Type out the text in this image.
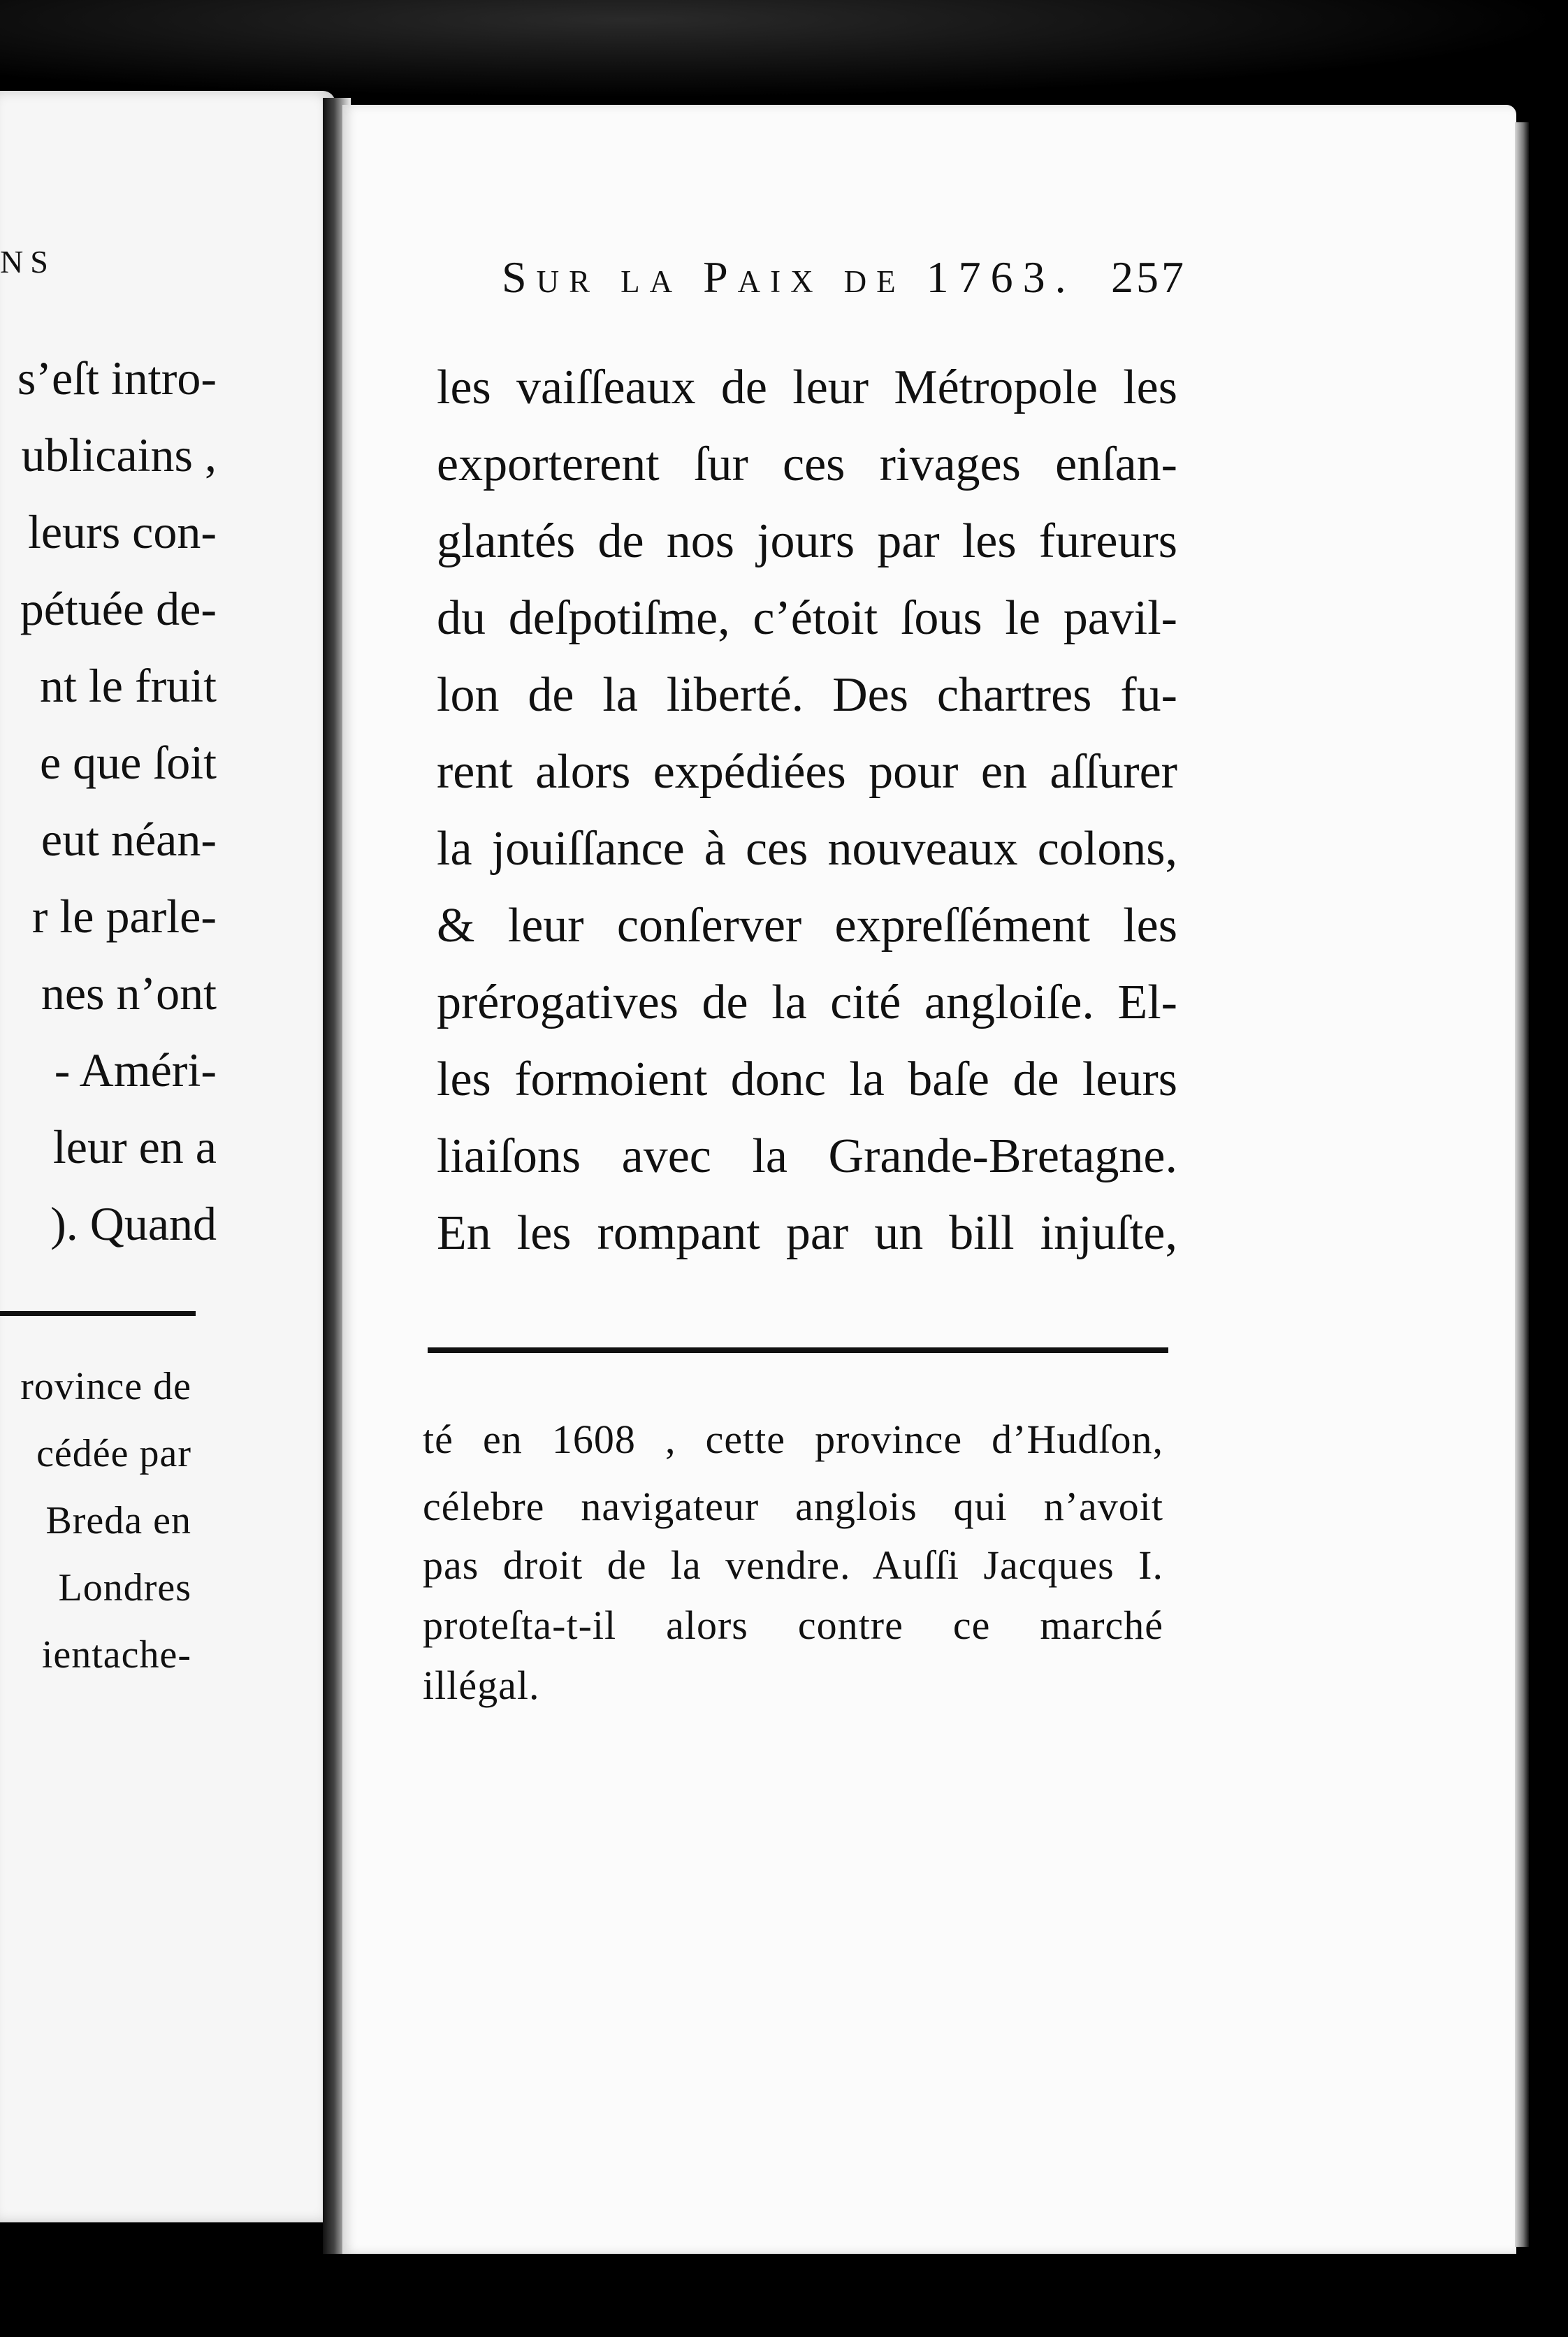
NS
s’eſt intro-
ublicains ,
leurs con-
pétuée de-
nt le fruit
e que ſoit
eut néan-
r le parle-
nes n’ont
- Améri-
leur en a
). Quand
rovince de
cédée par
Breda en
Londres
ientache-
Sur la Paix de 1763. 257
les vaiſſeaux de leur Métropole les
exporterent ſur ces rivages enſan-
glantés de nos jours par les fureurs
du deſpotiſme, c’étoit ſous le pavil-
lon de la liberté. Des chartres fu-
rent alors expédiées pour en aſſurer
la jouiſſance à ces nouveaux colons,
& leur conſerver expreſſément les
prérogatives de la cité angloiſe. El-
les formoient donc la baſe de leurs
liaiſons avec la Grande-Bretagne.
En les rompant par un bill injuſte,
té en 1608 , cette province d’Hudſon,
célebre navigateur anglois qui n’avoit
pas droit de la vendre. Auſſi Jacques I.
proteſta-t-il alors contre ce marché
illégal.
